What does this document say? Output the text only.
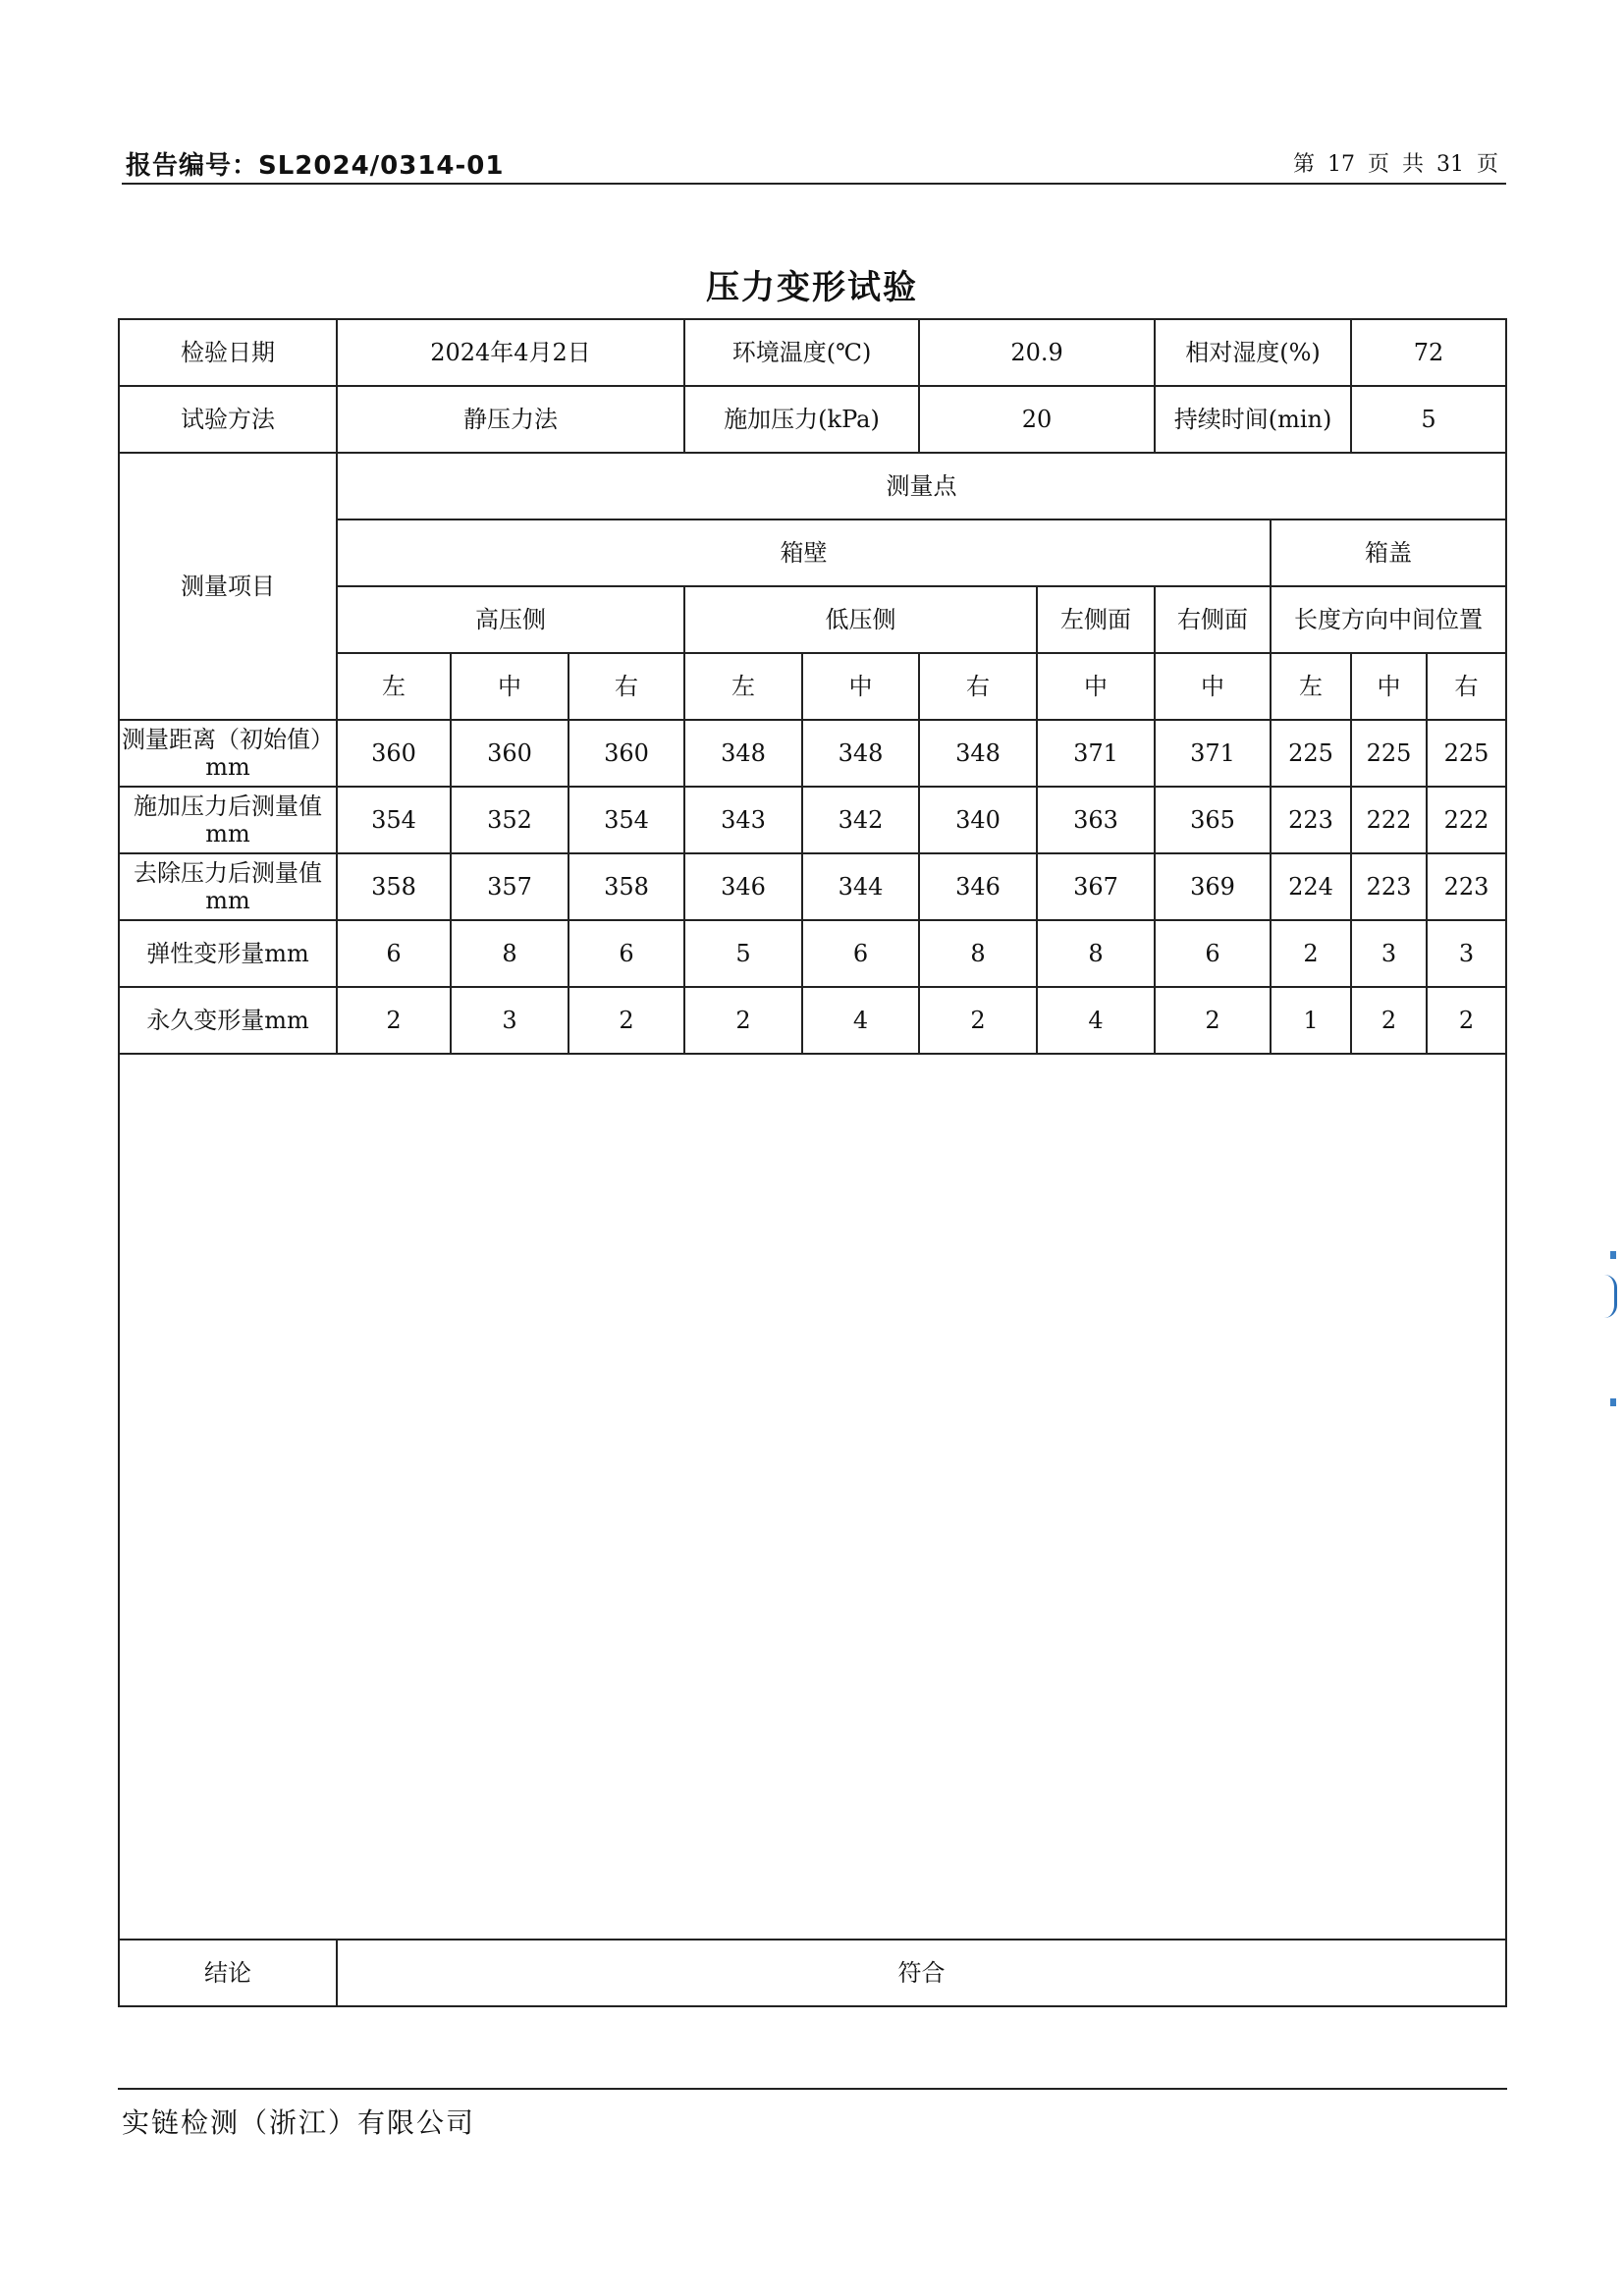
报告编号：SL2024/0314-01	第 17 页 共 31 页
压力变形试验
检验日期	2024年4月2日			环境温度(℃)		20.9		相对湿度(%)		72	
试验方法	静压力法			施加压力(kPa)		20		持续时间(min)		5	
测量项目	测量点										
	箱壁								箱盖		
	高压侧			低压侧			左侧面	右侧面	长度方向中间位置		
	左	中	右	左	中	右	中	中	左	中	右
测量距离（初始值）mm	360	360	360	348	348	348	371	371	225	225	225
施加压力后测量值mm	354	352	354	343	342	340	363	365	223	222	222
去除压力后测量值mm	358	357	358	346	344	346	367	369	224	223	223
弹性变形量mm	6	8	6	5	6	8	8	6	2	3	3
永久变形量mm	2	3	2	2	4	2	4	2	1	2	2

结论	符合										
实链检测（浙江）有限公司
